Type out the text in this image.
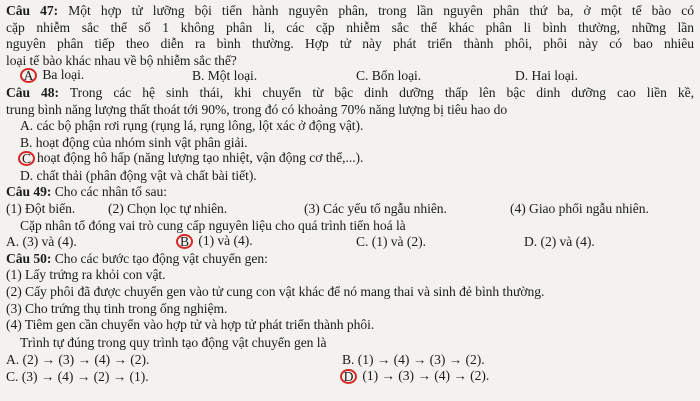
Câu 47: Một hợp tử lưỡng bội tiến hành nguyên phân, trong lần nguyên phân thứ ba, ở một tế bào có
cặp nhiễm sắc thể số 1 không phân li, các cặp nhiễm sắc thể khác phân li bình thường, những lần
nguyên phân tiếp theo diễn ra bình thường. Hợp tử này phát triển thành phôi, phôi này có bao nhiêu
loại tế bào khác nhau về bộ nhiễm sắc thể?
A Ba loại.	B. Một loại.	C. Bốn loại.	D. Hai loại.
Câu 48: Trong các hệ sinh thái, khi chuyển từ bậc dinh dưỡng thấp lên bậc dinh dưỡng cao liền kề,
trung bình năng lượng thất thoát tới 90%, trong đó có khoảng 70% năng lượng bị tiêu hao do
A. các bộ phận rơi rụng (rụng lá, rụng lông, lột xác ở động vật).
B. hoạt động của nhóm sinh vật phân giải.
C hoạt động hô hấp (năng lượng tạo nhiệt, vận động cơ thể,...).
D. chất thải (phân động vật và chất bài tiết).
Câu 49: Cho các nhân tố sau:
(1) Đột biến. (2) Chọn lọc tự nhiên.	(3) Các yếu tố ngẫu nhiên.	(4) Giao phối ngẫu nhiên.
Cặp nhân tố đóng vai trò cung cấp nguyên liệu cho quá trình tiến hoá là
A. (3) và (4).	B (1) và (4).	C. (1) và (2).	D. (2) và (4).
Câu 50: Cho các bước tạo động vật chuyển gen:
(1) Lấy trứng ra khỏi con vật.
(2) Cấy phôi đã được chuyển gen vào tử cung con vật khác để nó mang thai và sinh đẻ bình thường.
(3) Cho trứng thụ tinh trong ống nghiệm.
(4) Tiêm gen cần chuyển vào hợp tử và hợp tử phát triển thành phôi.
Trình tự đúng trong quy trình tạo động vật chuyển gen là
A. (2) → (3) → (4) → (2).	B. (1) → (4) → (3) → (2).
C. (3) → (4) → (2) → (1).	D (1) → (3) → (4) → (2).
